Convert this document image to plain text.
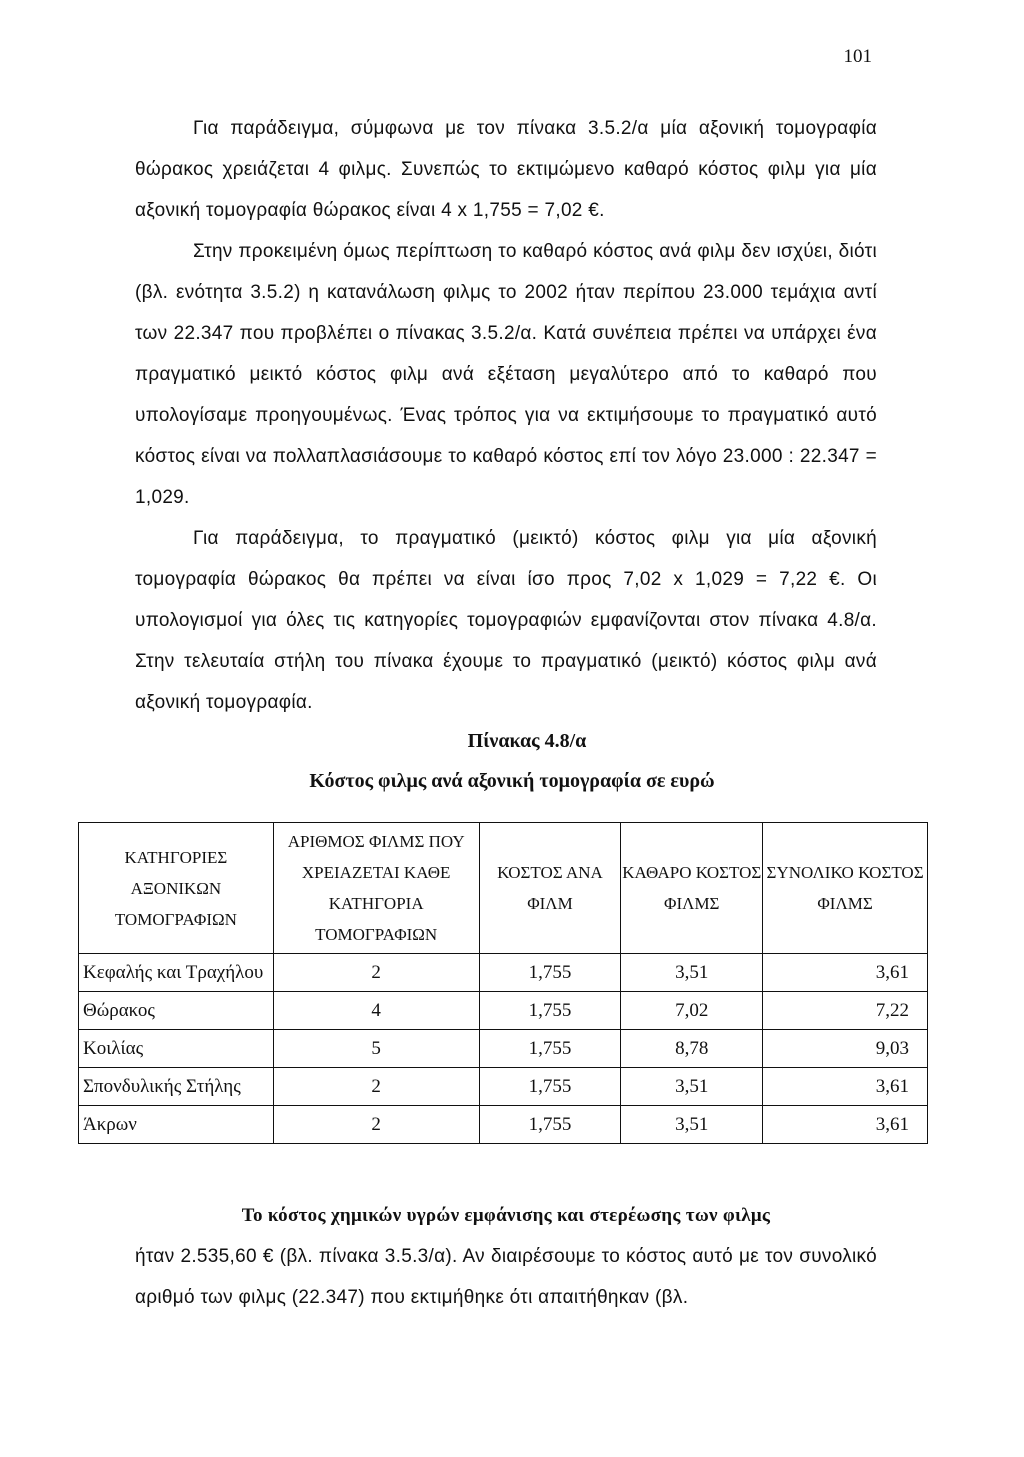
101
Για παράδειγμα, σύμφωνα με τον πίνακα 3.5.2/α μία αξονική τομογραφία θώρακος χρειάζεται 4 φιλμς. Συνεπώς το εκτιμώμενο καθαρό κόστος φιλμ για μία αξονική τομογραφία θώρακος είναι 4 x 1,755 = 7,02 €.
Στην προκειμένη όμως περίπτωση το καθαρό κόστος ανά φιλμ δεν ισχύει, διότι (βλ. ενότητα 3.5.2) η κατανάλωση φιλμς το 2002 ήταν περίπου 23.000 τεμάχια αντί των 22.347 που προβλέπει ο πίνακας 3.5.2/α. Κατά συνέπεια πρέπει να υπάρχει ένα πραγματικό μεικτό κόστος φιλμ ανά εξέταση μεγαλύτερο από το καθαρό που υπολογίσαμε προηγουμένως. Ένας τρόπος για να εκτιμήσουμε το πραγματικό αυτό κόστος είναι να πολλαπλασιάσουμε το καθαρό κόστος επί τον λόγο 23.000 : 22.347 = 1,029.
Για παράδειγμα, το πραγματικό (μεικτό) κόστος φιλμ για μία αξονική τομογραφία θώρακος θα πρέπει να είναι ίσο προς 7,02 x 1,029 = 7,22 €. Οι υπολογισμοί για όλες τις κατηγορίες τομογραφιών εμφανίζονται στον πίνακα 4.8/α. Στην τελευταία στήλη του πίνακα έχουμε το πραγματικό (μεικτό) κόστος φιλμ ανά αξονική τομογραφία.
Πίνακας 4.8/α
Κόστος φιλμς ανά αξονική τομογραφία σε ευρώ
ΚΑΤΗΓΟΡΙΕΣ ΑΞΟΝΙΚΩΝ ΤΟΜΟΓΡΑΦΙΩΝ	ΑΡΙΘΜΟΣ ΦΙΛΜΣ ΠΟΥ ΧΡΕΙΑΖΕΤΑΙ ΚΑΘΕ ΚΑΤΗΓΟΡΙΑ ΤΟΜΟΓΡΑΦΙΩΝ	ΚΟΣΤΟΣ ΑΝΑ ΦΙΛΜ	ΚΑΘΑΡΟ ΚΟΣΤΟΣ ΦΙΛΜΣ	ΣΥΝΟΛΙΚΟ ΚΟΣΤΟΣ ΦΙΛΜΣ
Κεφαλής και Τραχήλου	2	1,755	3,51	3,61
Θώρακος	4	1,755	7,02	7,22
Κοιλίας	5	1,755	8,78	9,03
Σπονδυλικής Στήλης	2	1,755	3,51	3,61
Άκρων	2	1,755	3,51	3,61
Το κόστος χημικών υγρών εμφάνισης και στερέωσης των φιλμς
ήταν 2.535,60 € (βλ. πίνακα 3.5.3/α). Αν διαιρέσουμε το κόστος αυτό με τον συνολικό αριθμό των φιλμς (22.347) που εκτιμήθηκε ότι απαιτήθηκαν (βλ.
